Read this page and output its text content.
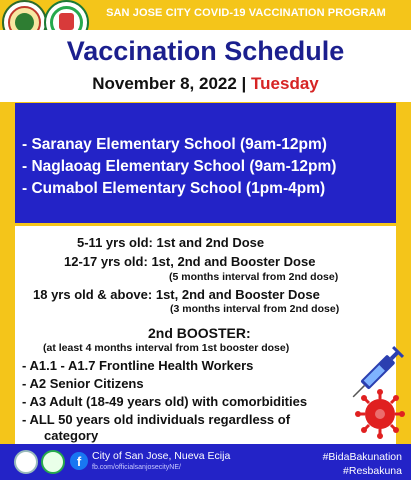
SAN JOSE CITY COVID-19 VACCINATION PROGRAM
Vaccination Schedule
November 8, 2022 | Tuesday
- Saranay Elementary School (9am-12pm)
- Naglaoag Elementary School (9am-12pm)
- Cumabol Elementary School (1pm-4pm)
5-11 yrs old: 1st and 2nd Dose
12-17 yrs old: 1st, 2nd and Booster Dose
(5 months interval from 2nd dose)
18 yrs old & above: 1st, 2nd and Booster Dose
(3 months interval from 2nd dose)
2nd BOOSTER:
(at least 4 months interval from 1st booster dose)
- A1.1 - A1.7 Frontline Health Workers
- A2 Senior Citizens
- A3 Adult (18-49 years old) with comorbidities
- ALL 50 years old individuals regardless of
category
f	City of San Jose, Nueva Ecija
fb.com/officialsanjosecityNE/
#BidaBakunation
#Resbakuna
